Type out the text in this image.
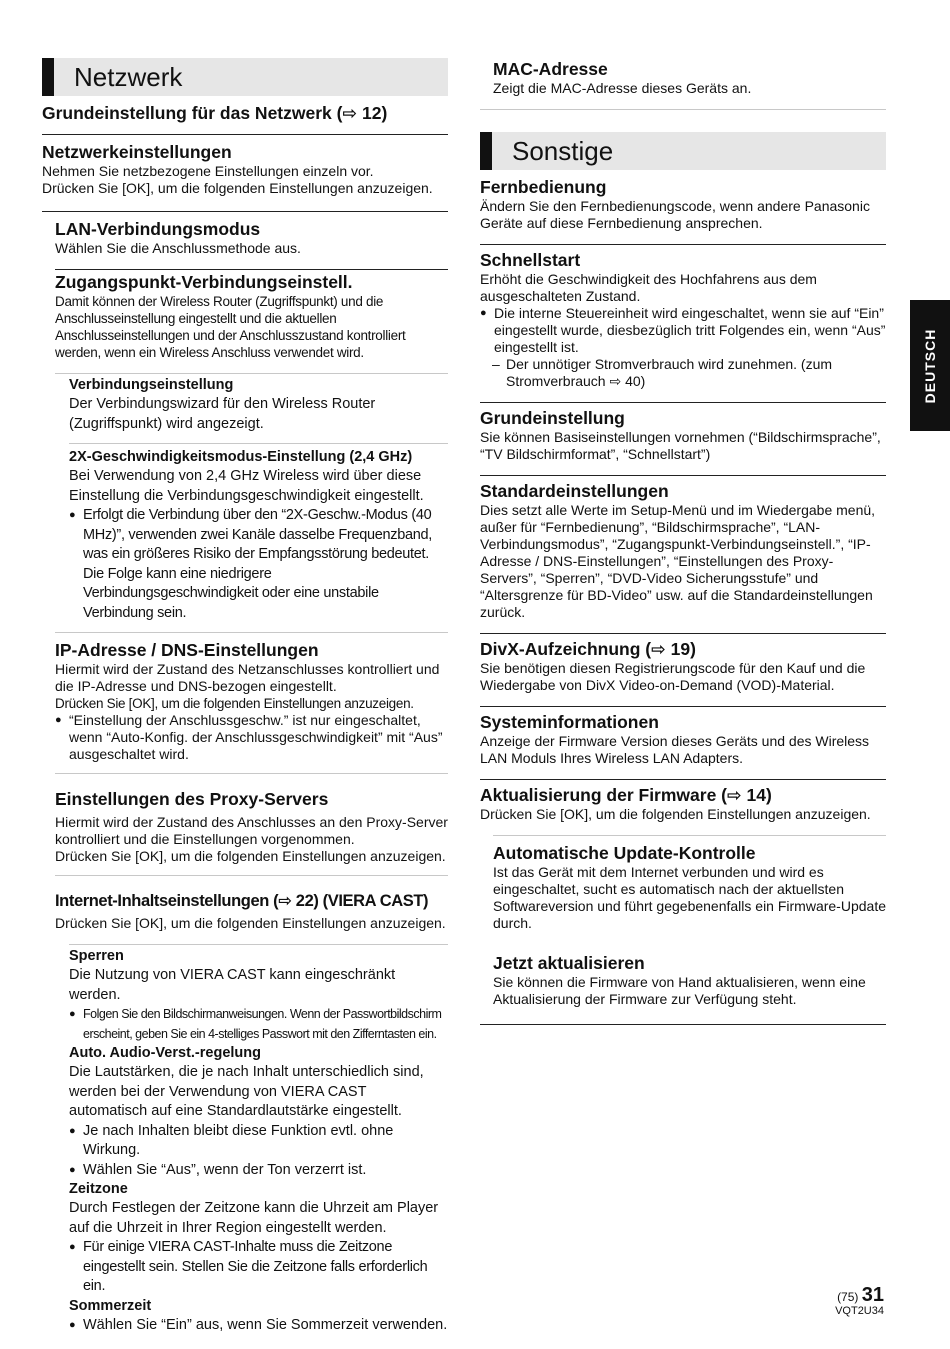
Netzwerk
Grundeinstellung für das Netzwerk (⇨ 12)
Netzwerkeinstellungen

Nehmen Sie netzbezogene Einstellungen einzeln vor.

Drücken Sie [OK], um die folgenden Einstellungen anzuzeigen.

LAN-Verbindungsmodus

Wählen Sie die Anschlussmethode aus.

Zugangspunkt-Verbindungseinstell.

Damit können der Wireless Router (Zugriffspunkt) und die Anschlusseinstellung eingestellt und die aktuellen Anschlusseinstellungen und der Anschlusszustand kontrolliert werden, wenn ein Wireless Anschluss verwendet wird.

Verbindungseinstellung

Der Verbindungswizard für den Wireless Router (Zugriffspunkt) wird angezeigt.

2X-Geschwindigkeitsmodus-Einstellung (2,4 GHz)

Bei Verwendung von 2,4 GHz Wireless wird über diese Einstellung die Verbindungsgeschwindigkeit eingestellt.

● Erfolgt die Verbindung über den “2X-Geschw.-Modus (40 MHz)”, verwenden zwei Kanäle dasselbe Frequenzband, was ein größeres Risiko der Empfangsstörung bedeutet. Die Folge kann eine niedrigere Verbindungsgeschwindigkeit oder eine unstabile Verbindung sein.
IP-Adresse / DNS-Einstellungen

Hiermit wird der Zustand des Netzanschlusses kontrolliert und die IP-Adresse und DNS-bezogen eingestellt.

Drücken Sie [OK], um die folgenden Einstellungen anzuzeigen.

● “Einstellung der Anschlussgeschw.” ist nur eingeschaltet, wenn “Auto-Konfig. der Anschlussgeschwindigkeit” mit “Aus” ausgeschaltet wird.
Einstellungen des Proxy-Servers

Hiermit wird der Zustand des Anschlusses an den Proxy-Server kontrolliert und die Einstellungen vorgenommen.

Drücken Sie [OK], um die folgenden Einstellungen anzuzeigen.

Internet-Inhaltseinstellungen (⇨ 22) (VIERA CAST)

Drücken Sie [OK], um die folgenden Einstellungen anzuzeigen.

Sperren

Die Nutzung von VIERA CAST kann eingeschränkt werden.

● Folgen Sie den Bildschirmanweisungen. Wenn der Passwortbildschirm erscheint, geben Sie ein 4-stelliges Passwort mit den Zifferntasten ein.
Auto. Audio-Verst.-regelung

Die Lautstärken, die je nach Inhalt unterschiedlich sind, werden bei der Verwendung von VIERA CAST automatisch auf eine Standardlautstärke eingestellt.

● Je nach Inhalten bleibt diese Funktion evtl. ohne Wirkung.
● Wählen Sie “Aus”, wenn der Ton verzerrt ist.
Zeitzone

Durch Festlegen der Zeitzone kann die Uhrzeit am Player auf die Uhrzeit in Ihrer Region eingestellt werden.

● Für einige VIERA CAST-Inhalte muss die Zeitzone eingestellt sein. Stellen Sie die Zeitzone falls erforderlich ein.
Sommerzeit
● Wählen Sie “Ein” aus, wenn Sie Sommerzeit verwenden.
MAC-Adresse

Zeigt die MAC-Adresse dieses Geräts an.

Sonstige
Fernbedienung

Ändern Sie den Fernbedienungscode, wenn andere Panasonic Geräte auf diese Fernbedienung ansprechen.

Schnellstart

Erhöht die Geschwindigkeit des Hochfahrens aus dem ausgeschalteten Zustand.

● Die interne Steuereinheit wird eingeschaltet, wenn sie auf “Ein” eingestellt wurde, diesbezüglich tritt Folgendes ein, wenn “Aus” eingestellt ist.
– Der unnötiger Stromverbrauch wird zunehmen. (zum Stromverbrauch ⇨ 40)
Grundeinstellung

Sie können Basiseinstellungen vornehmen (“Bildschirmsprache”, “TV Bildschirmformat”, “Schnellstart”)

Standardeinstellungen

Dies setzt alle Werte im Setup-Menü und im Wiedergabe menü, außer für “Fernbedienung”, “Bildschirmsprache”, “LAN-Verbindungsmodus”, “Zugangspunkt-Verbindungseinstell.”, “IP-Adresse / DNS-Einstellungen”, “Einstellungen des Proxy-Servers”, “Sperren”, “DVD-Video Sicherungsstufe” und “Altersgrenze für BD-Video” usw. auf die Standardeinstellungen zurück.

DivX-Aufzeichnung (⇨ 19)

Sie benötigen diesen Registrierungscode für den Kauf und die Wiedergabe von DivX Video-on-Demand (VOD)-Material.

Systeminformationen

Anzeige der Firmware Version dieses Geräts und des Wireless LAN Moduls Ihres Wireless LAN Adapters.

Aktualisierung der Firmware (⇨ 14)

Drücken Sie [OK], um die folgenden Einstellungen anzuzeigen.

Automatische Update-Kontrolle

Ist das Gerät mit dem Internet verbunden und wird es eingeschaltet, sucht es automatisch nach der aktuellsten Softwareversion und führt gegebenenfalls ein Firmware-Update durch.

Jetzt aktualisieren

Sie können die Firmware von Hand aktualisieren, wenn eine Aktualisierung der Firmware zur Verfügung steht.

DEUTSCH
(75) 31
VQT2U34
